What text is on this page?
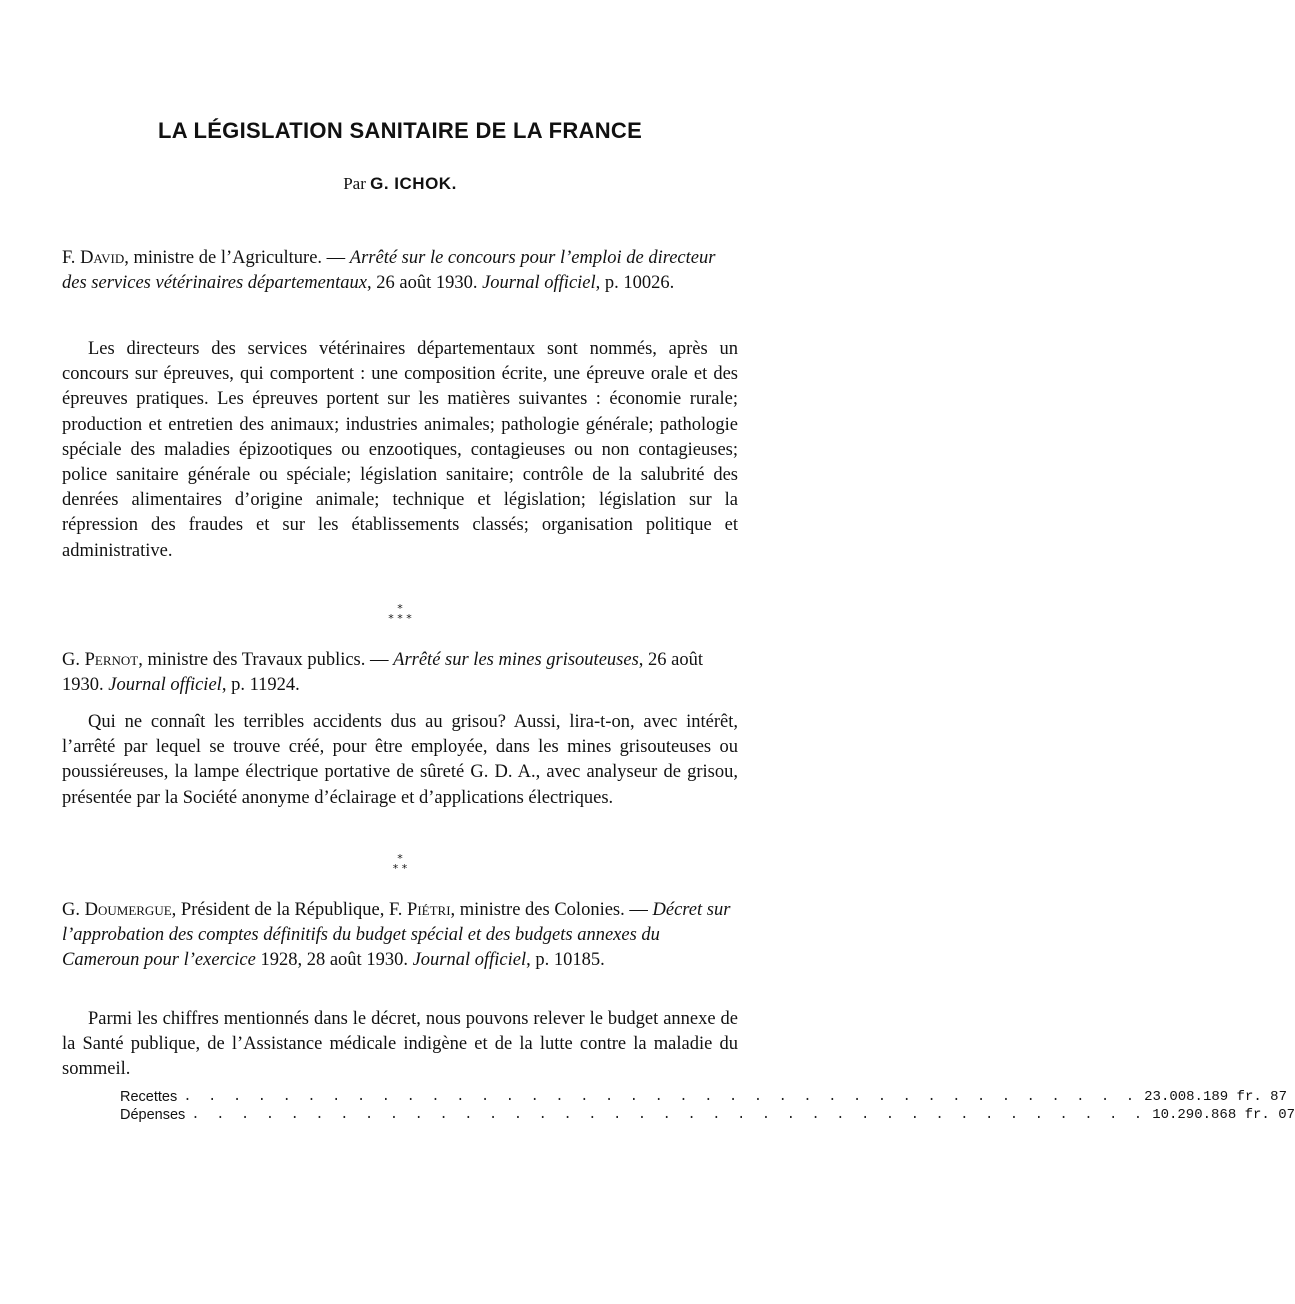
LA LÉGISLATION SANITAIRE DE LA FRANCE
Par G. ICHOK.
F. David, ministre de l’Agriculture. — Arrêté sur le concours pour l’emploi de directeur des services vétérinaires départementaux, 26 août 1930. Journal officiel, p. 10026.
Les directeurs des services vétérinaires départementaux sont nommés, après un concours sur épreuves, qui comportent : une composition écrite, une épreuve orale et des épreuves pratiques. Les épreuves portent sur les matières suivantes : économie rurale; production et entretien des animaux; industries animales; pathologie générale; pathologie spéciale des maladies épizootiques ou enzootiques, contagieuses ou non contagieuses; police sanitaire générale ou spéciale; législation sanitaire; contrôle de la salubrité des denrées alimentaires d’origine animale; technique et législation; législation sur la répression des fraudes et sur les établissements classés; organisation politique et administrative.
*
* * *
G. Pernot, ministre des Travaux publics. — Arrêté sur les mines grisouteuses, 26 août 1930. Journal officiel, p. 11924.
Qui ne connaît les terribles accidents dus au grisou? Aussi, lira-t-on, avec intérêt, l’arrêté par lequel se trouve créé, pour être employée, dans les mines grisouteuses ou poussiéreuses, la lampe électrique portative de sûreté G. D. A., avec analyseur de grisou, présentée par la Société anonyme d’éclairage et d’applications électriques.
*
* *
G. Doumergue, Président de la République, F. Piétri, ministre des Colonies. — Décret sur l’approbation des comptes définitifs du budget spécial et des budgets annexes du Cameroun pour l’exercice 1928, 28 août 1930. Journal officiel, p. 10185.
Parmi les chiffres mentionnés dans le décret, nous pouvons relever le budget annexe de la Santé publique, de l’Assistance médicale indigène et de la lutte contre la maladie du sommeil.
Recettes . . . . . . . . . . . . . . . . . . . . . . . . . . . . . . . . . . . . . . . 23.008.189 fr. 87
Dépenses . . . . . . . . . . . . . . . . . . . . . . . . . . . . . . . . . . . . . . . 10.290.868 fr. 07
